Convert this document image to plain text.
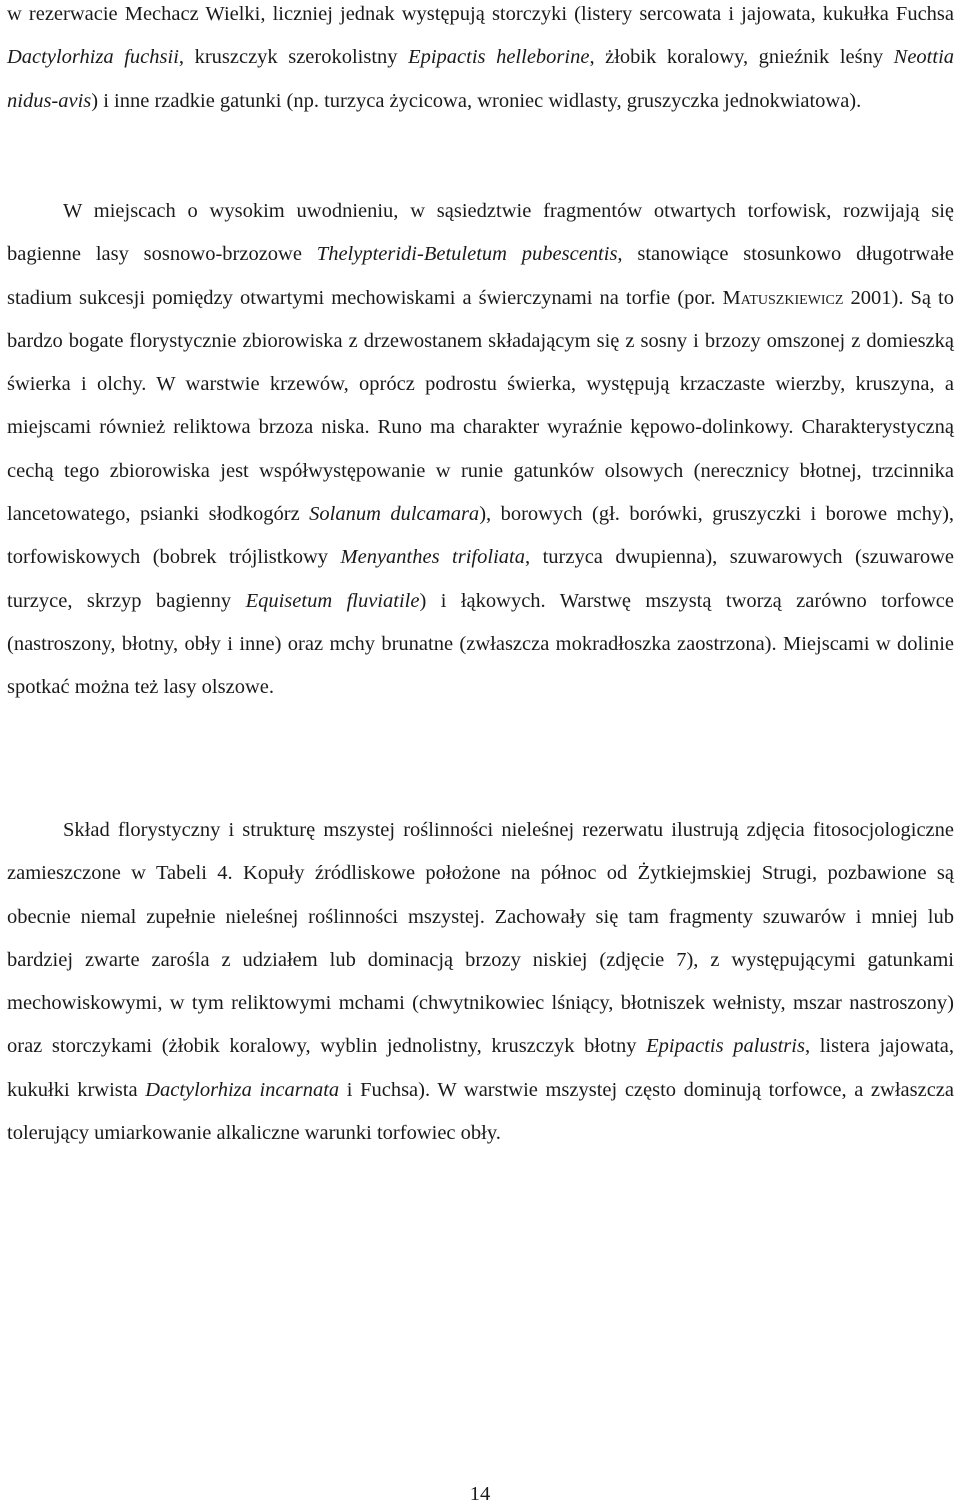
w rezerwacie Mechacz Wielki, liczniej jednak występują storczyki (listery sercowata i jajowata, kukułka Fuchsa Dactylorhiza fuchsii, kruszczyk szerokolistny Epipactis helleborine, żłobik koralowy, gnieźnik leśny Neottia nidus-avis) i inne rzadkie gatunki (np. turzyca życicowa, wroniec widlasty, gruszyczka jednokwiatowa).

W miejscach o wysokim uwodnieniu, w sąsiedztwie fragmentów otwartych torfowisk, rozwijają się bagienne lasy sosnowo-brzozowe Thelypteridi-Betuletum pubescentis, stanowiące stosunkowo długotrwałe stadium sukcesji pomiędzy otwartymi mechowiskami a świerczynami na torfie (por. Matuszkiewicz 2001). Są to bardzo bogate florystycznie zbiorowiska z drzewostanem składającym się z sosny i brzozy omszonej z domieszką świerka i olchy. W warstwie krzewów, oprócz podrostu świerka, występują krzaczaste wierzby, kruszyna, a miejscami również reliktowa brzoza niska. Runo ma charakter wyraźnie kępowo-dolinkowy. Charakterystyczną cechą tego zbiorowiska jest współwystępowanie w runie gatunków olsowych (nerecznicy błotnej, trzcinnika lancetowatego, psianki słodkogórz Solanum dulcamara), borowych (gł. borówki, gruszyczki i borowe mchy), torfowiskowych (bobrek trójlistkowy Menyanthes trifoliata, turzyca dwupienna), szuwarowych (szuwarowe turzyce, skrzyp bagienny Equisetum fluviatile) i łąkowych. Warstwę mszystą tworzą zarówno torfowce (nastroszony, błotny, obły i inne) oraz mchy brunatne (zwłaszcza mokradłoszka zaostrzona). Miejscami w dolinie spotkać można też lasy olszowe.

Skład florystyczny i strukturę mszystej roślinności nieleśnej rezerwatu ilustrują zdjęcia fitosocjologiczne zamieszczone w Tabeli 4. Kopuły źródliskowe położone na północ od Żytkiejmskiej Strugi, pozbawione są obecnie niemal zupełnie nieleśnej roślinności mszystej. Zachowały się tam fragmenty szuwarów i mniej lub bardziej zwarte zarośla z udziałem lub dominacją brzozy niskiej (zdjęcie 7), z występującymi gatunkami mechowiskowymi, w tym reliktowymi mchami (chwytnikowiec lśniący, błotniszek wełnisty, mszar nastroszony) oraz storczykami (żłobik koralowy, wyblin jednolistny, kruszczyk błotny Epipactis palustris, listera jajowata, kukułki krwista Dactylorhiza incarnata i Fuchsa). W warstwie mszystej często dominują torfowce, a zwłaszcza tolerujący umiarkowanie alkaliczne warunki torfowiec obły.

14
